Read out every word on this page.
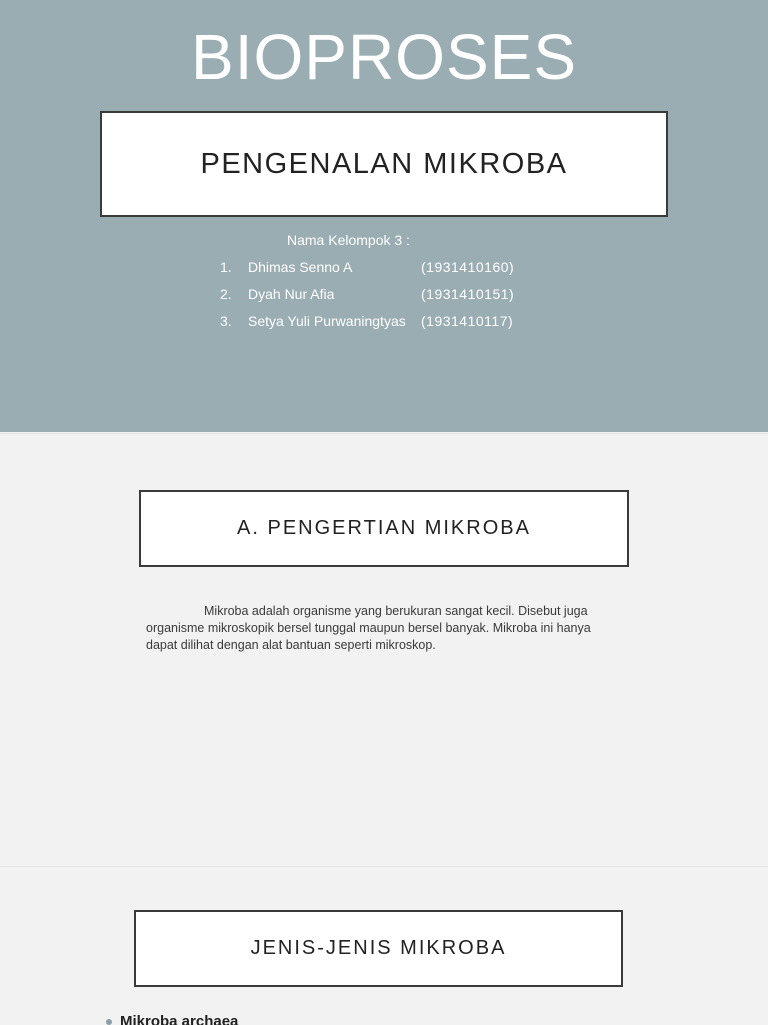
BIOPROSES
PENGENALAN MIKROBA
Nama Kelompok 3 :
1.	Dhimas Senno A	(1931410160)
2.	Dyah Nur Afia	(1931410151)
3.	Setya Yuli Purwaningtyas (1931410117)
A. PENGERTIAN MIKROBA
Mikroba adalah organisme yang berukuran sangat kecil. Disebut juga organisme mikroskopik bersel tunggal maupun bersel banyak. Mikroba ini hanya dapat dilihat dengan alat bantuan seperti mikroskop.
JENIS-JENIS MIKROBA
Mikroba archaea
